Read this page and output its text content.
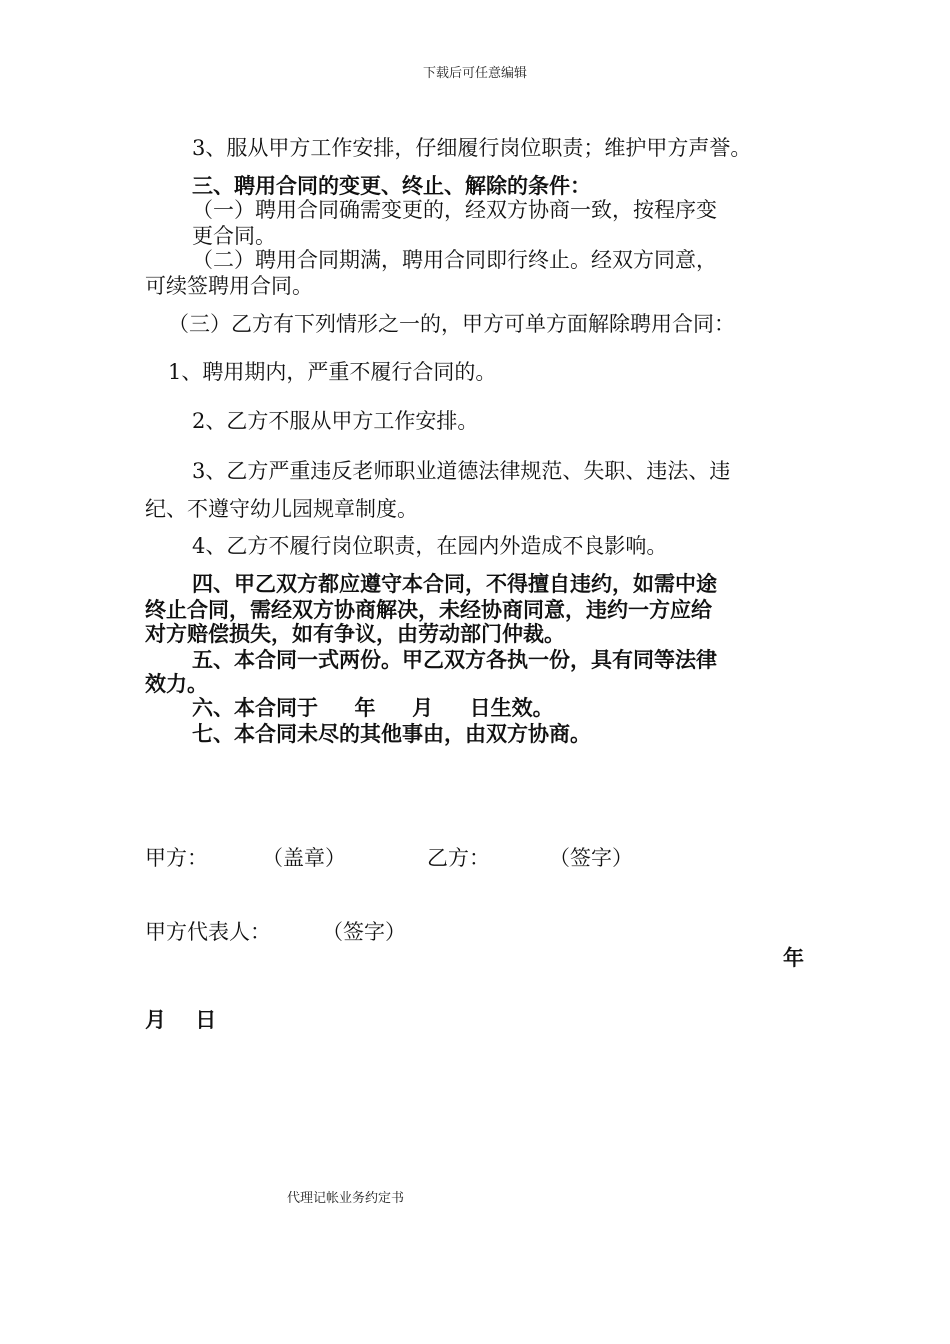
下载后可任意编辑
3、服从甲方工作安排，仔细履行岗位职责；维护甲方声誉。
三、聘用合同的变更、终止、解除的条件：
（一）聘用合同确需变更的，经双方协商一致，按程序变
更合同。
（二）聘用合同期满，聘用合同即行终止。经双方同意，
可续签聘用合同。
（三）乙方有下列情形之一的，甲方可单方面解除聘用合同：
1、聘用期内，严重不履行合同的。
2、乙方不服从甲方工作安排。
3、乙方严重违反老师职业道德法律规范、失职、违法、违
纪、不遵守幼儿园规章制度。
4、乙方不履行岗位职责，在园内外造成不良影响。
四、甲乙双方都应遵守本合同，不得擅自违约，如需中途
终止合同，需经双方协商解决，未经协商同意，违约一方应给
对方赔偿损失，如有争议，由劳动部门仲裁。
五、本合同一式两份。甲乙双方各执一份，具有同等法律
效力。
六、本合同于     年     月     日生效。
七、本合同未尽的其他事由，由双方协商。
甲方：	（盖章）	乙方：	（签字）
甲方代表人： （签字）
年
月    日
代理记帐业务约定书
